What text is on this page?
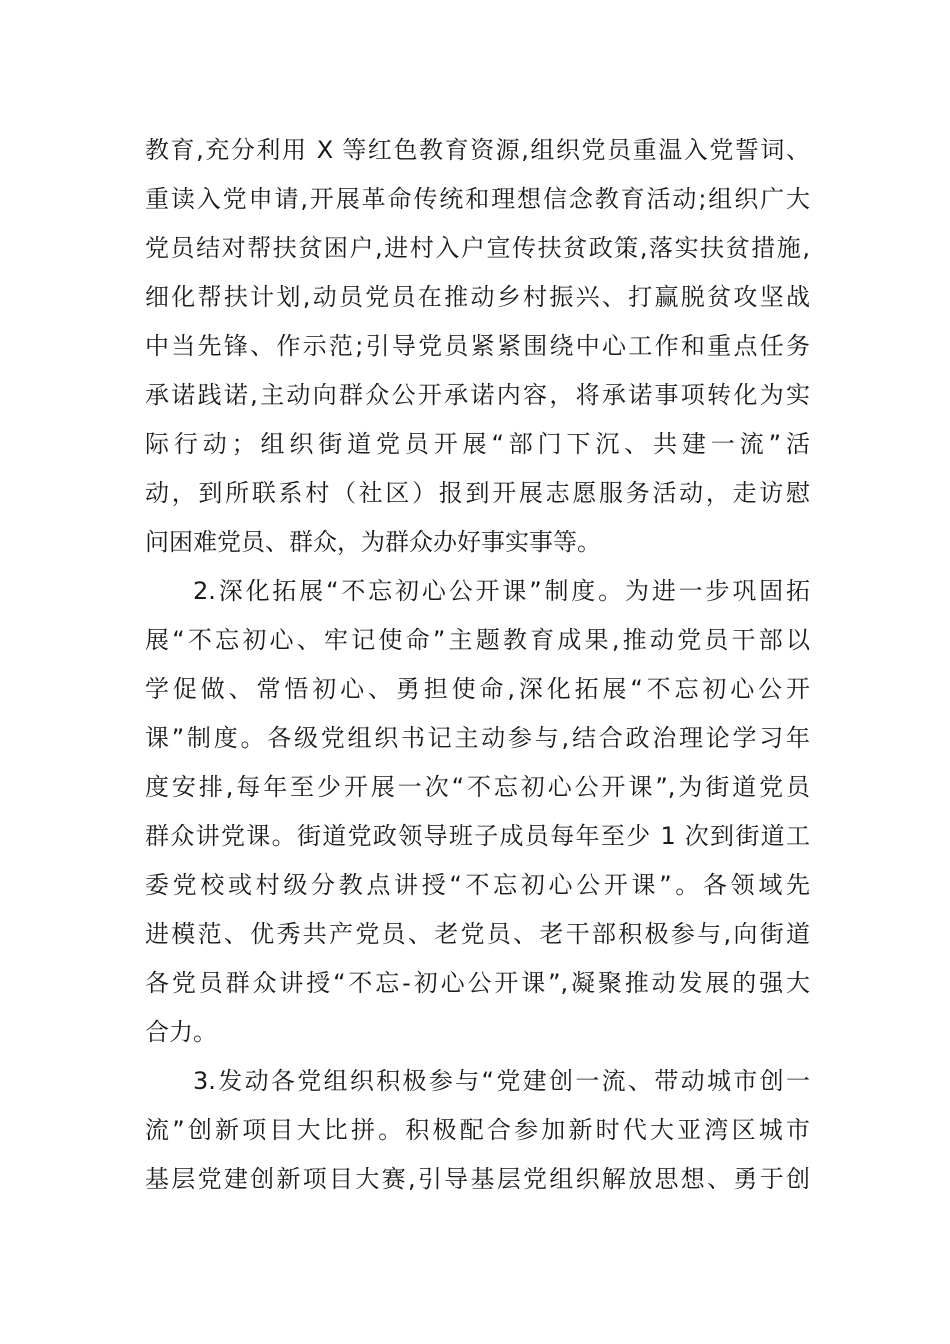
教育,充分利用 X 等红色教育资源,组织党员重温入党誓词、
重读入党申请,开展革命传统和理想信念教育活动;组织广大
党员结对帮扶贫困户,进村入户宣传扶贫政策,落实扶贫措施,
细化帮扶计划,动员党员在推动乡村振兴、打赢脱贫攻坚战
中当先锋、作示范;引导党员紧紧围绕中心工作和重点任务
承诺践诺,主动向群众公开承诺内容，将承诺事项转化为实
际行动；组织街道党员开展“部门下沉、共建一流”活
动，到所联系村（社区）报到开展志愿服务活动，走访慰
问困难党员、群众，为群众办好事实事等。
2.深化拓展“不忘初心公开课”制度。为进一步巩固拓
展“不忘初心、牢记使命”主题教育成果,推动党员干部以
学促做、常悟初心、勇担使命,深化拓展“不忘初心公开
课”制度。各级党组织书记主动参与,结合政治理论学习年
度安排,每年至少开展一次“不忘初心公开课”,为街道党员
群众讲党课。街道党政领导班子成员每年至少 1 次到街道工
委党校或村级分教点讲授“不忘初心公开课”。各领域先
进模范、优秀共产党员、老党员、老干部积极参与,向街道
各党员群众讲授“不忘-初心公开课”,凝聚推动发展的强大
合力。
3.发动各党组织积极参与“党建创一流、带动城市创一
流”创新项目大比拼。积极配合参加新时代大亚湾区城市
基层党建创新项目大赛,引导基层党组织解放思想、勇于创
